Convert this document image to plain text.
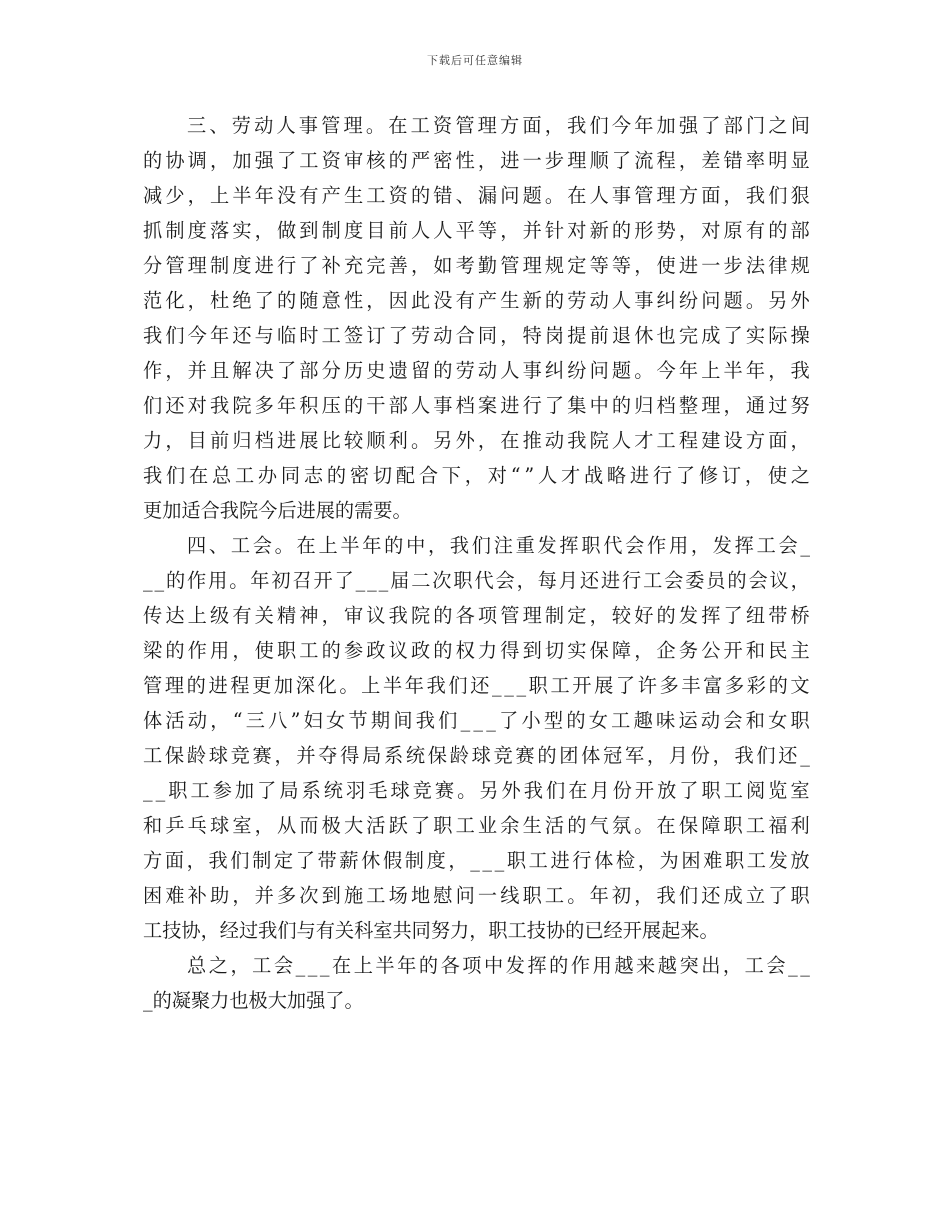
下载后可任意编辑
三 、 劳 动 人 事 管 理 。 在 工 资 管 理 方 面 ， 我 们 今 年 加 强 了 部 门 之 间
的 协 调 ， 加 强 了 工 资 审 核 的 严 密 性 ， 进 一 步 理 顺 了 流 程 ， 差 错 率 明 显
减 少 ， 上 半 年 没 有 产 生 工 资 的 错 、 漏 问 题 。 在 人 事 管 理 方 面 ， 我 们 狠
抓 制 度 落 实 ， 做 到 制 度 目 前 人 人 平 等 ， 并 针 对 新 的 形 势 ， 对 原 有 的 部
分 管 理 制 度 进 行 了 补 充 完 善 ， 如 考 勤 管 理 规 定 等 等 ， 使 进 一 步 法 律 规
范 化 ， 杜 绝 了 的 随 意 性 ， 因 此 没 有 产 生 新 的 劳 动 人 事 纠 纷 问 题 。 另 外
我 们 今 年 还 与 临 时 工 签 订 了 劳 动 合 同 ， 特 岗 提 前 退 休 也 完 成 了 实 际 操
作 ， 并 且 解 决 了 部 分 历 史 遗 留 的 劳 动 人 事 纠 纷 问 题 。 今 年 上 半 年 ， 我
们 还 对 我 院 多 年 积 压 的 干 部 人 事 档 案 进 行 了 集 中 的 归 档 整 理 ， 通 过 努
力 ， 目 前 归 档 进 展 比 较 顺 利 。 另 外 ， 在 推 动 我 院 人 才 工 程 建 设 方 面 ，
我 们 在 总 工 办 同 志 的 密 切 配 合 下 ， 对 “ ” 人 才 战 略 进 行 了 修 订 ， 使 之
更 加 适 合 我 院 今 后 进 展 的 需 要 。
四 、 工 会 。 在 上 半 年 的 中 ， 我 们 注 重 发 挥 职 代 会 作 用 ， 发 挥 工 会 _
_ _ 的 作 用 。 年 初 召 开 了 _ _ _ 届 二 次 职 代 会 ， 每 月 还 进 行 工 会 委 员 的 会 议 ，
传 达 上 级 有 关 精 神 ， 审 议 我 院 的 各 项 管 理 制 定 ， 较 好 的 发 挥 了 纽 带 桥
梁 的 作 用 ， 使 职 工 的 参 政 议 政 的 权 力 得 到 切 实 保 障 ， 企 务 公 开 和 民 主
管 理 的 进 程 更 加 深 化 。 上 半 年 我 们 还 _ _ _ 职 工 开 展 了 许 多 丰 富 多 彩 的 文
体 活 动 ， “ 三 八 ” 妇 女 节 期 间 我 们 _ _ _ 了 小 型 的 女 工 趣 味 运 动 会 和 女 职
工 保 龄 球 竞 赛 ， 并 夺 得 局 系 统 保 龄 球 竞 赛 的 团 体 冠 军 ， 月 份 ， 我 们 还 _
_ _ 职 工 参 加 了 局 系 统 羽 毛 球 竞 赛 。 另 外 我 们 在 月 份 开 放 了 职 工 阅 览 室
和 乒 乓 球 室 ， 从 而 极 大 活 跃 了 职 工 业 余 生 活 的 气 氛 。 在 保 障 职 工 福 利
方 面 ， 我 们 制 定 了 带 薪 休 假 制 度 ， _ _ _ 职 工 进 行 体 检 ， 为 困 难 职 工 发 放
困 难 补 助 ， 并 多 次 到 施 工 场 地 慰 问 一 线 职 工 。 年 初 ， 我 们 还 成 立 了 职
工 技 协 ， 经 过 我 们 与 有 关 科 室 共 同 努 力 ， 职 工 技 协 的 已 经 开 展 起 来 。
总 之 ， 工 会 _ _ _ 在 上 半 年 的 各 项 中 发 挥 的 作 用 越 来 越 突 出 ， 工 会 _ _
_ 的 凝 聚 力 也 极 大 加 强 了 。
